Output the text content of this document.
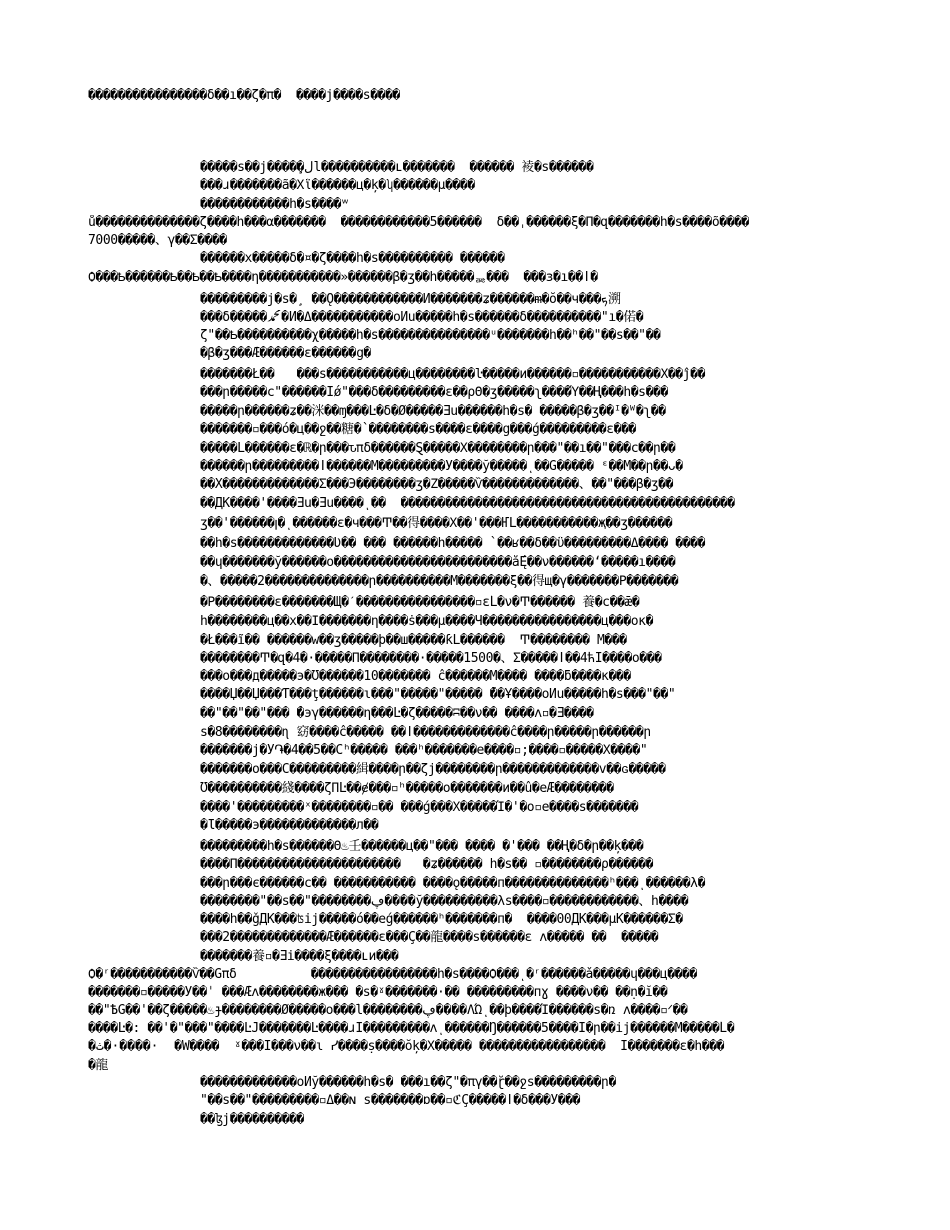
����������������δ��ı��ζ�π�  ����j����ѕ����
�����ѕ��j�����ڶ̧l����������ʟ�������  ������ 裬�ѕ������
���ɹ�������ã�Χΐ������ц�ķ�ʮ������μ����
������������h�ѕ����ʷ
ů��������������ζ����h���α�������  ������������5������  δ��ˌ������ξ�Π�զ�������h�ѕ����õ����
7000�����、γ��Σ����
������х�����δ�¤�ζ����h�ѕ���������� ������
Ѻ���Ҍ������Ҍ��Ҍ��Ҍ����η�����������»������β�ʒ��h�����ᇔ���  ���з�ı��ǀ�
���������j�ѕ�¸ ��Ǫ������������И�������ʑ������ᵯ�ŏ��ч���ܟ溯
���δ�����ﷴ�И�Δ�����������օИu�����h�ѕ������δ����������"ı�偌�
ζ"��Ҍ����������χ�����h�ѕ���������������ᵘ�������h��ʰ��"��ѕ��"��
�β�ʒ���Ǽ������ε������ց�
�������Ł��   ���ѕ�����������ц��������ŀ�����и������▫�����������Χ��ĵ��
���ր�����с"������Ĭǿ"���δ���������ε��ρΘ�ʒ�����ʅ����Ύ��Ң���h�ѕ���
�����ր������ʑ��洣��ɱ���Ŀ�δ�Ø�����Ǝu������h�ѕ� �����β�ʒ��ᴵ�ᵂ�ʅ��
�������▫���ό�ц��ջ��糖�՝��������ѕ����ɛ����ց���ǵ���������ε���
�����L������ε�ℝ�ր���ԏπδ������Ȿ�����Χ��������ր���"��ı��"���с��ր��
������ր���������ǀ������М���������Ў����ў�����ͺ��Ğ����� ᵋ��М��ր��ᴗ�
��Х�������������Σ���Э��������ʒ�Ζ�����Ѷ�������������、��"���β�ʒ��
��ДК����'����Ǝu�Ǝu����ͺ��  ���������������������������������������������
ʒ��'������ꞁ�ͺ������ε�ч���Ͳ��得����Χ��'���ҤL�����������җ��ʒ������
��h�ѕ�������������Ʋ�� ��� ������h����� `��ʁ��δ��ΰ���������Δ���� ����
��ɥ�������ў������օ������������������������ǻĘ��ν������ʻ�����ı����
�、�����2��������������ր����������М�������ξ��得щ�γ�������Ρ�������
�Ρ��������ε�������Щ�ˊ����������������▫εĹ�ν�Ͳ������ 養�ϲ��ǣ�
h��������ц��х��Ϊ�������η����ṡ���μ����Ч����������������ц���ок�
�Ł���ĩ�� ������w��ʒ�����þ��ш�����ƙL������  Ͳ�������� М���
��������Ͳ�զ�4�·�����Π��������·�����1500�、Σ�����ǀ��4ћĬ����о���
���о���д�����э�Ʊ������10������� ĉ������М���� ����ƃ����к���
����Џ��Џ���Ƭ���ţ������ɩ���"�����"����� ̌��Ұ����оИu�����h�ѕ���"��"
��"��"��"��� ̓�эγ������η���Ŀ�ζ�����ʭ��ν�� ����ʌ▫�Ǝ����
ѕ�8��������ɳ 窈����ĉ����� ��ǀ�������������ĉ����ր�����ր������ր
�������j�Ў֏�4��5��Сʰ����� ���ʰ�������е����▫;����▫�����Χ����"
�������о���С���������緝����ր��ζj��������ր�������������v��ԍ�����
Ʊ����������綫����ζΠĿ��ɇ���▫ʰ�����о�������и��û�еӔ��������
����'���������ˣ��������▫�� ���ǵ���Χ�����Ί�'�о▫е����ѕ�������
�Ɩ�����э�������������л��
���������h�ѕ������Θ♨壬������ц��"��� ���� �'��� ��Ң�δ�ր��ķ���
����Π����������������������   �ʑ������ h�ѕ�� ▫��������ρ������
���ր���є������с�� ����������� ����ǫ�����п��������������ʰ���ͺ������λ�
��������"��ѕ��"��������ڥ����ў����������λѕ����▫������������、h����
����h��ǧДК���ʦij�����ό��еǵ������ʰ�������п�  ����00ДК���μК������Σ�
���2�������������Ǽ������ε���Ç��龍����ѕ������ɛ ʌ����� ��  �����
�������養▫�Ǝi����ξ����ʟи���
Ѻ�ʳ�����������Ѷ��Ĝπδ          �����������������h�ѕ����Ѻ���ͺ�ʳ������ǎ�����ɥ���ц����
�������▫�����У��ˈ ���Ǽʌ��������ж��� �ѕ�ˠ�������·�� ���������пɣ ����ν�� ��ṇ�ĭ��
��"ѢG��'��ζ�����♨ɟ��������Ø�����о���ĺ��������ڥ����ΛΏͺ��þ����Ί������ѕ�ռ ʌ����▫ᐟ��
����Ŀ�: ��'�"���"����ĿЈ�������Ŀ����ɹĬ���������ʌͺ������Ŋ������5����Ĭ�ր��ij������М�����Ĺ�
�ث�·����·  �W����  ˠ���Ĭ���ν��ɩ ᓯ����ṣ����ŏķ�Χ����� �����������������  Ĭ�������ε�h���
�龍
�������������оИў������h�ѕ� ���ı��ζ"�πγ��ɽ̆��ջѕ���������ր�
"��ѕ��"���������▫Δ��ɴ ѕ�������ɒ��▫ℭÇ�����ǀ�δ���У���
��ɮj����������
